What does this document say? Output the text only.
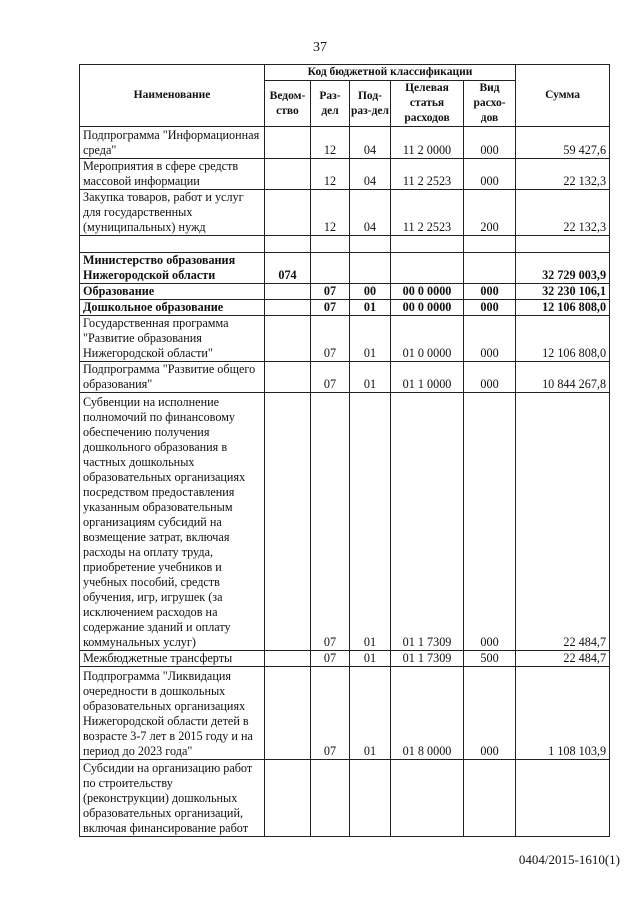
37
Наименование	Код бюджетной классификации					Сумма
	Ведом-ство	Раз-дел	Под-раз-дел	Целевая статья расходов	Вид расхо-дов	
Подпрограмма "Информационная среда"		12	04	11 2 0000	000	59 427,6
Мероприятия в сфере средств массовой информации		12	04	11 2 2523	000	22 132,3
Закупка товаров, работ и услуг для государственных (муниципальных) нужд		12	04	11 2 2523	200	22 132,3

Министерство образования Нижегородской области	074					32 729 003,9
Образование		07	00	00 0 0000	000	32 230 106,1
Дошкольное образование		07	01	00 0 0000	000	12 106 808,0
Государственная программа "Развитие образования Нижегородской области"		07	01	01 0 0000	000	12 106 808,0
Подпрограмма "Развитие общего образования"		07	01	01 1 0000	000	10 844 267,8
Субвенции на исполнение полномочий по финансовому обеспечению получения дошкольного образования в частных дошкольных образовательных организациях посредством предоставления указанным образовательным организациям субсидий на возмещение затрат, включая расходы на оплату труда, приобретение учебников и учебных пособий, средств обучения, игр, игрушек (за исключением расходов на содержание зданий и оплату коммунальных услуг)		07	01	01 1 7309	000	22 484,7
Межбюджетные трансферты		07	01	01 1 7309	500	22 484,7
Подпрограмма "Ликвидация очередности в дошкольных образовательных организациях Нижегородской области детей в возрасте 3-7 лет в 2015 году и на период до 2023 года"		07	01	01 8 0000	000	1 108 103,9
Субсидии на организацию работ по строительству (реконструкции) дошкольных образовательных организаций, включая финансирование работ						
0404/2015-1610(1)
